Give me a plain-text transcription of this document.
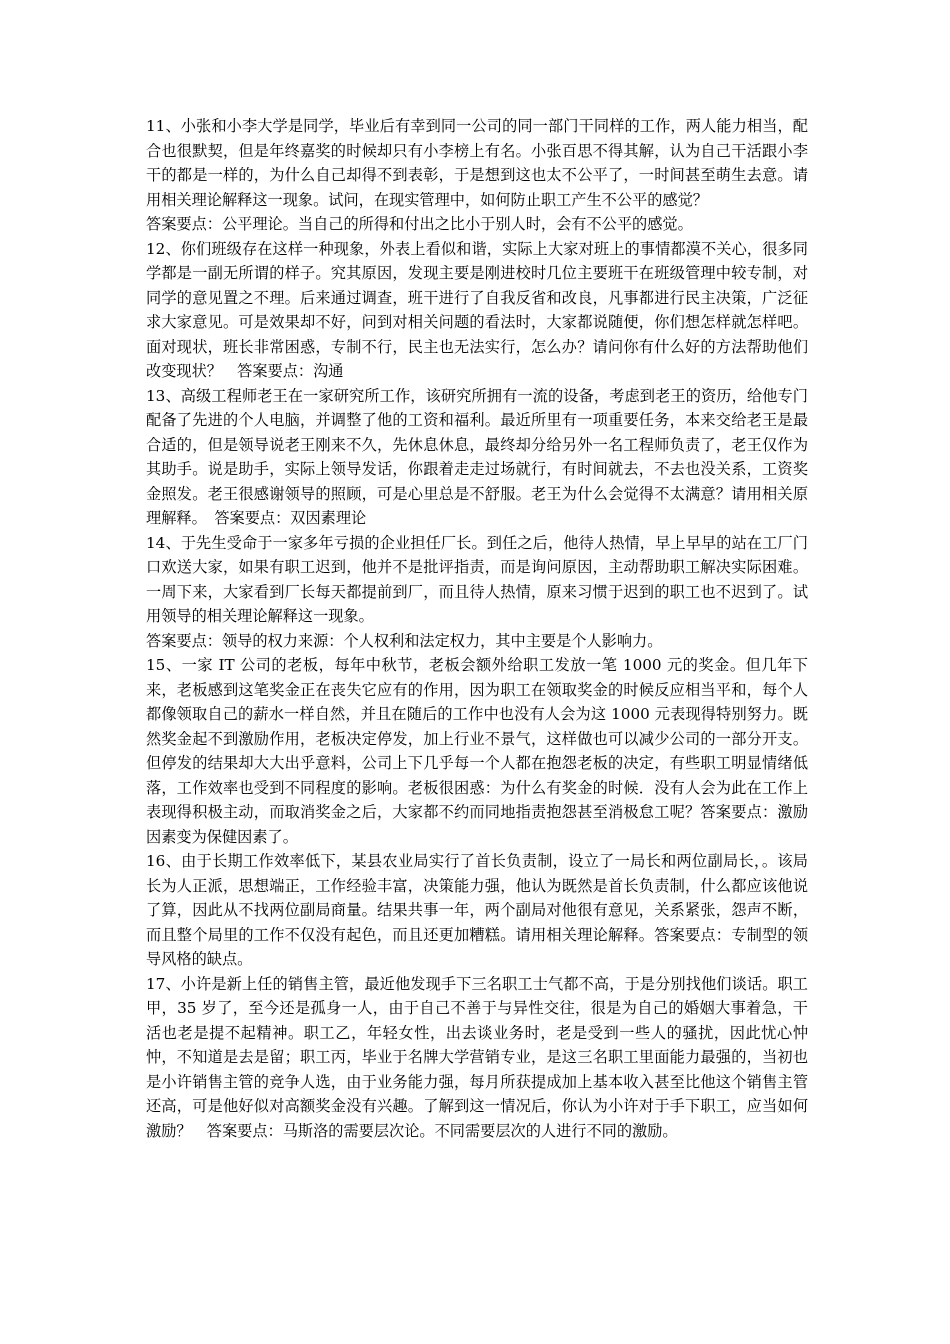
11、小张和小李大学是同学，毕业后有幸到同一公司的同一部门干同样的工作，两人能力相当，配合也很默契，但是年终嘉奖的时候却只有小李榜上有名。小张百思不得其解，认为自己干活跟小李干的都是一样的，为什么自己却得不到表彰，于是想到这也太不公平了，一时间甚至萌生去意。请用相关理论解释这一现象。试问，在现实管理中，如何防止职工产生不公平的感觉？

答案要点：公平理论。当自己的所得和付出之比小于别人时，会有不公平的感觉。

12、你们班级存在这样一种现象，外表上看似和谐，实际上大家对班上的事情都漠不关心，很多同学都是一副无所谓的样子。究其原因，发现主要是刚进校时几位主要班干在班级管理中较专制，对同学的意见置之不理。后来通过调查，班干进行了自我反省和改良，凡事都进行民主决策，广泛征求大家意见。可是效果却不好，问到对相关问题的看法时，大家都说随便，你们想怎样就怎样吧。面对现状，班长非常困惑，专制不行，民主也无法实行，怎么办？请问你有什么好的方法帮助他们改变现状？　答案要点：沟通

13、高级工程师老王在一家研究所工作，该研究所拥有一流的设备，考虑到老王的资历，给他专门配备了先进的个人电脑，并调整了他的工资和福利。最近所里有一项重要任务，本来交给老王是最合适的，但是领导说老王刚来不久，先休息休息，最终却分给另外一名工程师负责了，老王仅作为其助手。说是助手，实际上领导发话，你跟着走走过场就行，有时间就去，不去也没关系，工资奖金照发。老王很感谢领导的照顾，可是心里总是不舒服。老王为什么会觉得不太满意？请用相关原理解释。　答案要点：双因素理论

14、于先生受命于一家多年亏损的企业担任厂长。到任之后，他待人热情，早上早早的站在工厂门口欢送大家，如果有职工迟到，他并不是批评指责，而是询问原因，主动帮助职工解决实际困难。一周下来，大家看到厂长每天都提前到厂，而且待人热情，原来习惯于迟到的职工也不迟到了。试用领导的相关理论解释这一现象。

答案要点：领导的权力来源：个人权利和法定权力，其中主要是个人影响力。

15、一家 IT 公司的老板，每年中秋节，老板会额外给职工发放一笔 1000 元的奖金。但几年下来，老板感到这笔奖金正在丧失它应有的作用，因为职工在领取奖金的时候反应相当平和，每个人都像领取自己的薪水一样自然，并且在随后的工作中也没有人会为这 1000 元表现得特别努力。既然奖金起不到激励作用，老板决定停发，加上行业不景气，这样做也可以减少公司的一部分开支。但停发的结果却大大出乎意料，公司上下几乎每一个人都在抱怨老板的决定，有些职工明显情绪低落，工作效率也受到不同程度的影响。老板很困惑：为什么有奖金的时候．没有人会为此在工作上表现得积极主动，而取消奖金之后，大家都不约而同地指责抱怨甚至消极怠工呢？答案要点：激励因素变为保健因素了。

16、由于长期工作效率低下，某县农业局实行了首长负责制，设立了一局长和两位副局长，。该局长为人正派，思想端正，工作经验丰富，决策能力强，他认为既然是首长负责制，什么都应该他说了算，因此从不找两位副局商量。结果共事一年，两个副局对他很有意见，关系紧张，怨声不断，而且整个局里的工作不仅没有起色，而且还更加糟糕。请用相关理论解释。答案要点：专制型的领导风格的缺点。

17、小许是新上任的销售主管，最近他发现手下三名职工士气都不高，于是分别找他们谈话。职工甲，35 岁了，至今还是孤身一人，由于自己不善于与异性交往，很是为自己的婚姻大事着急，干活也老是提不起精神。职工乙，年轻女性，出去谈业务时，老是受到一些人的骚扰，因此忧心忡忡，不知道是去是留；职工丙，毕业于名牌大学营销专业，是这三名职工里面能力最强的，当初也是小许销售主管的竞争人选，由于业务能力强，每月所获提成加上基本收入甚至比他这个销售主管还高，可是他好似对高额奖金没有兴趣。了解到这一情况后，你认为小许对于手下职工，应当如何激励？　答案要点：马斯洛的需要层次论。不同需要层次的人进行不同的激励。
